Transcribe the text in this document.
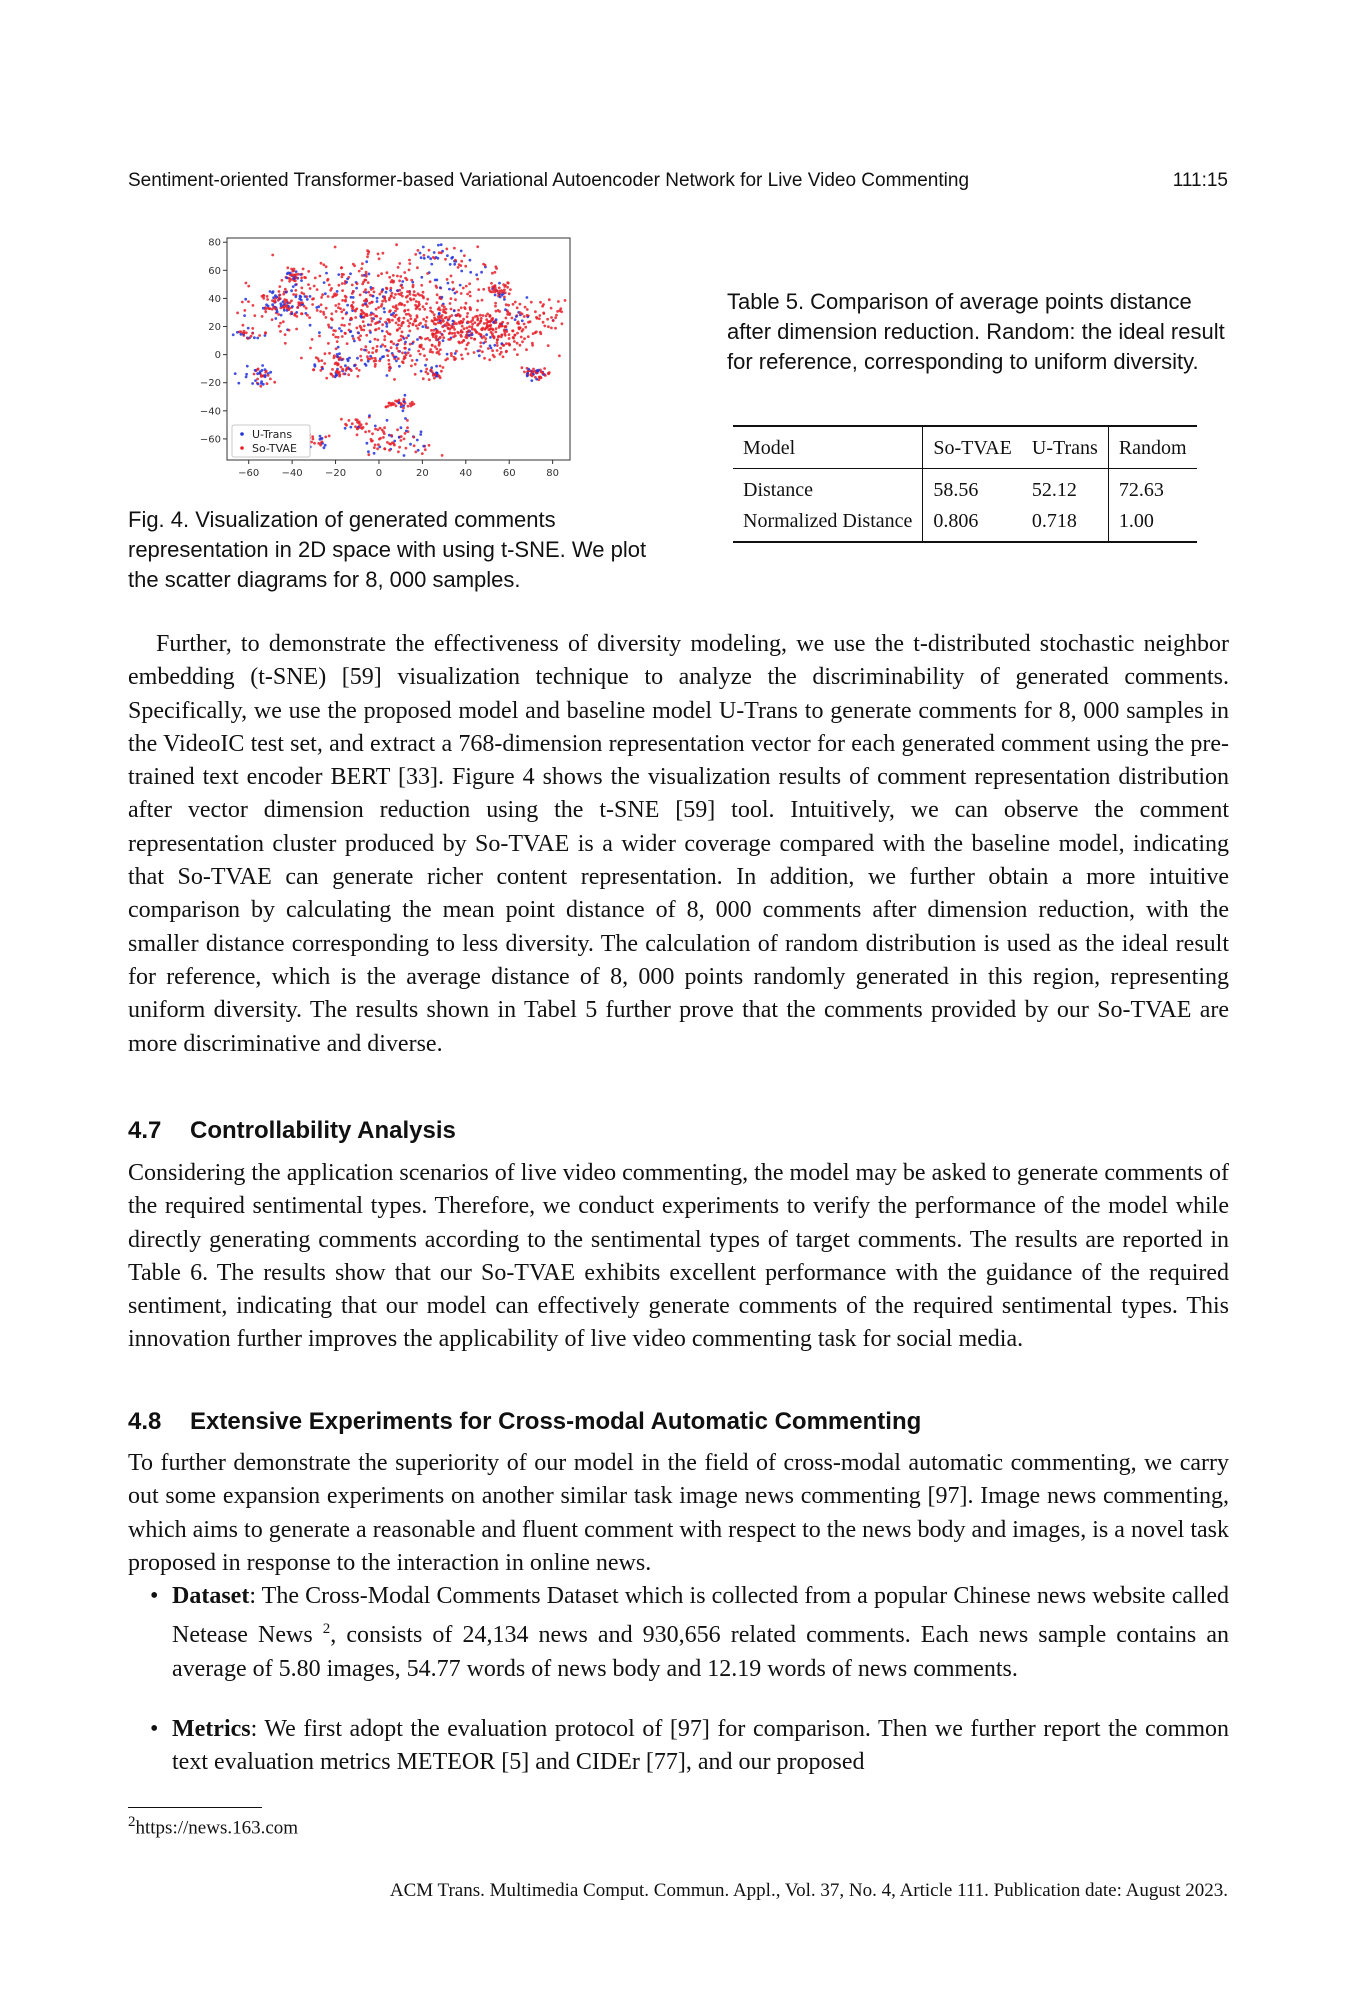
Sentiment-oriented Transformer-based Variational Autoencoder Network for Live Video Commenting	111:15
−60 −40 −20	0	20	40	60	80
80
60
40
20
0
−20
−40
−60	U-Trans
So-TVAE
Fig. 4. Visualization of generated comments representation in 2D space with using t-SNE. We plot the scatter diagrams for 8, 000 samples.
Table 5. Comparison of average points distance after dimension reduction. Random: the ideal result for reference, corresponding to uniform diversity.
Model	So-TVAE	U-Trans	Random
Distance	58.56	52.12	72.63
Normalized Distance	0.806	0.718	1.00

Further, to demonstrate the effectiveness of diversity modeling, we use the t-distributed stochastic neighbor embedding (t-SNE) [59] visualization technique to analyze the discriminability of generated comments. Specifically, we use the proposed model and baseline model U-Trans to generate comments for 8, 000 samples in the VideoIC test set, and extract a 768-dimension representation vector for each generated comment using the pre-trained text encoder BERT [33]. Figure 4 shows the visualization results of comment representation distribution after vector dimension reduction using the t-SNE [59] tool. Intuitively, we can observe the comment representation cluster produced by So-TVAE is a wider coverage compared with the baseline model, indicating that So-TVAE can generate richer content representation. In addition, we further obtain a more intuitive comparison by calculating the mean point distance of 8, 000 comments after dimension reduction, with the smaller distance corresponding to less diversity. The calculation of random distribution is used as the ideal result for reference, which is the average distance of 8, 000 points randomly generated in this region, representing uniform diversity. The results shown in Tabel 5 further prove that the comments provided by our So-TVAE are more discriminative and diverse.

4.7 Controllability Analysis

Considering the application scenarios of live video commenting, the model may be asked to generate comments of the required sentimental types. Therefore, we conduct experiments to verify the performance of the model while directly generating comments according to the sentimental types of target comments. The results are reported in Table 6. The results show that our So-TVAE exhibits excellent performance with the guidance of the required sentiment, indicating that our model can effectively generate comments of the required sentimental types. This innovation further improves the applicability of live video commenting task for social media.

4.8 Extensive Experiments for Cross-modal Automatic Commenting

To further demonstrate the superiority of our model in the field of cross-modal automatic commenting, we carry out some expansion experiments on another similar task image news commenting [97]. Image news commenting, which aims to generate a reasonable and fluent comment with respect to the news body and images, is a novel task proposed in response to the interaction in online news.

• Dataset: The Cross-Modal Comments Dataset which is collected from a popular Chinese news website called Netease News $^2$, consists of 24,134 news and 930,656 related comments. Each news sample contains an average of 5.80 images, 54.77 words of news body and 12.19 words of news comments.
• Metrics: We first adopt the evaluation protocol of [97] for comparison. Then we further report the common text evaluation metrics METEOR [5] and CIDEr [77], and our proposed
$^2$https://news.163.com
ACM Trans. Multimedia Comput. Commun. Appl., Vol. 37, No. 4, Article 111. Publication date: August 2023.
